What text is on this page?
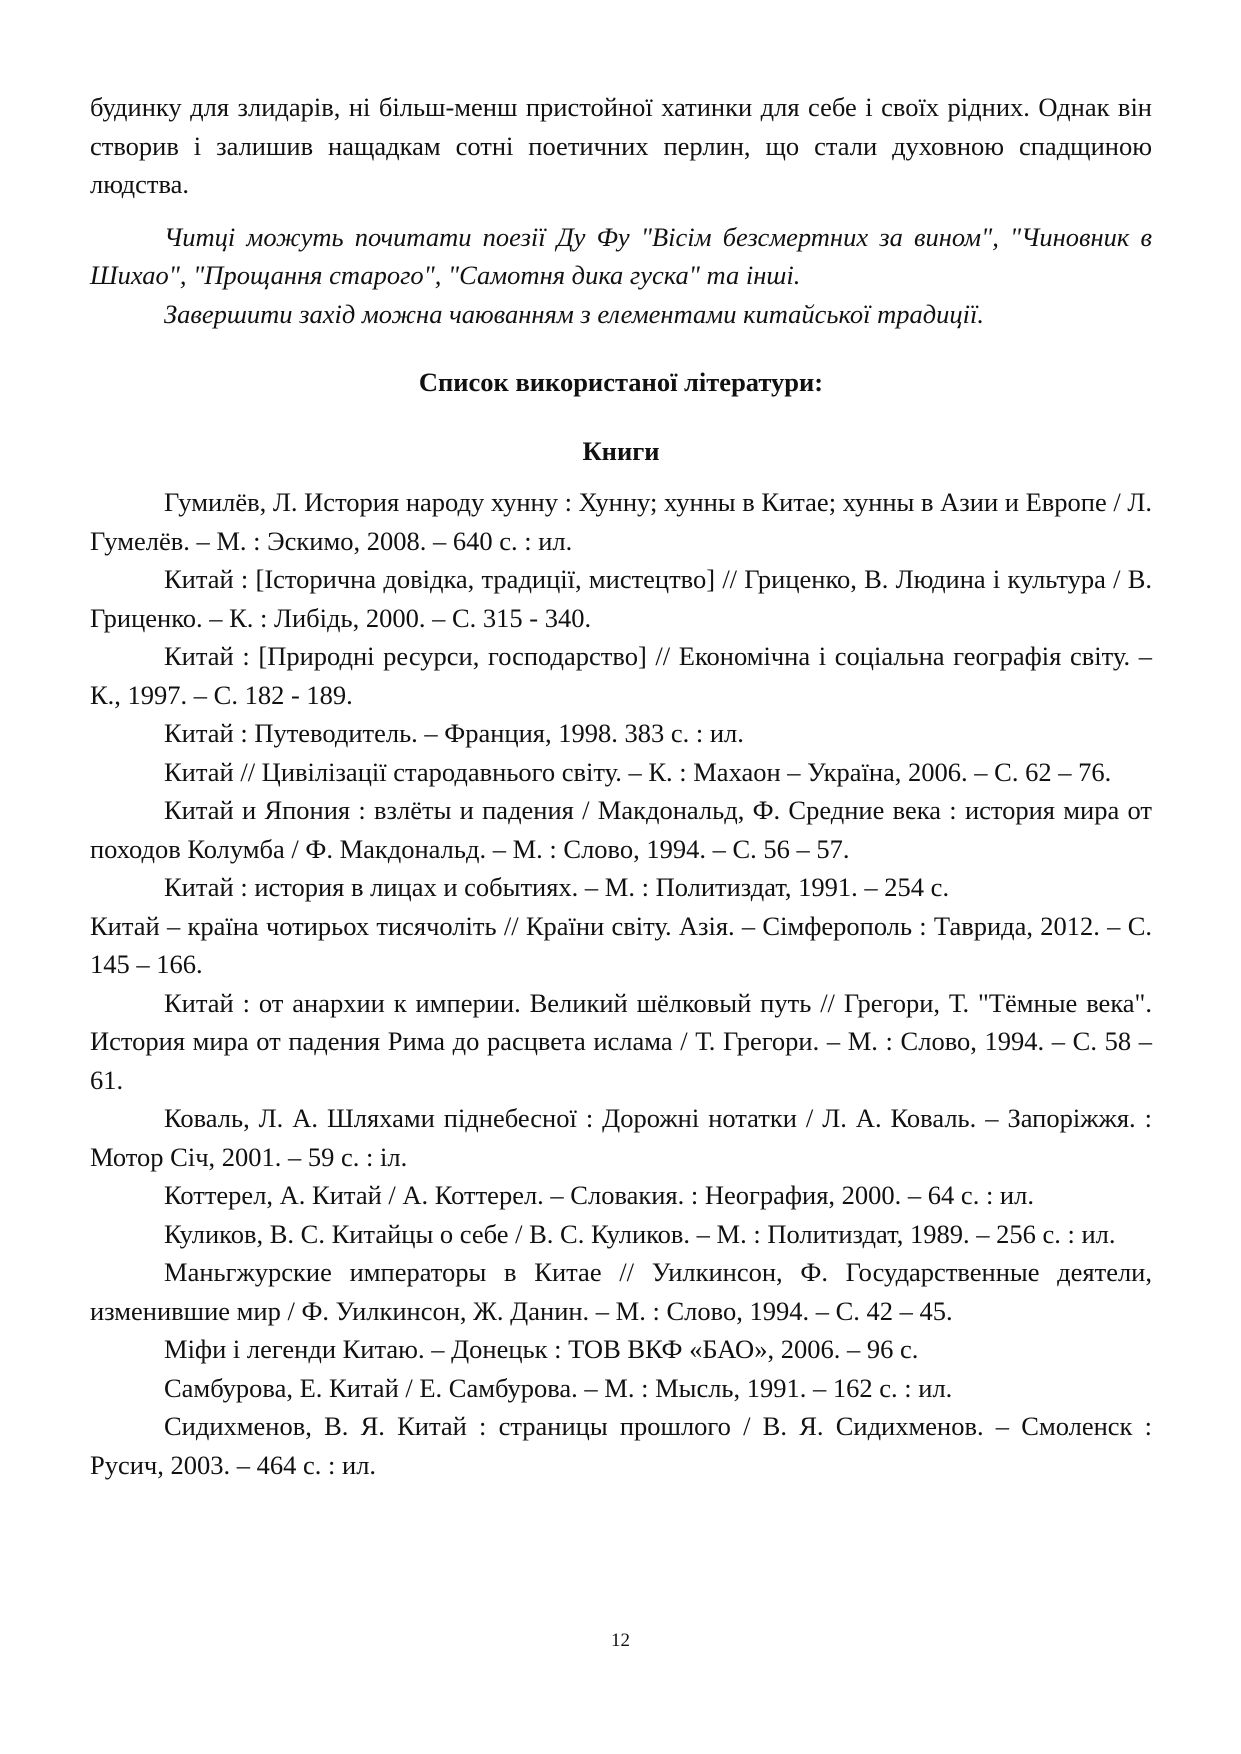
будинку для злидарів, ні більш-менш пристойної хатинки для себе і своїх рідних. Однак він створив і залишив нащадкам сотні поетичних перлин, що стали духовною спадщиною людства.

Читці можуть почитати поезії Ду Фу "Вісім безсмертних за вином", "Чиновник в Шихао", "Прощання старого", "Самотня дика гуска" та інші.

Завершити захід можна чаюванням з елементами китайської традиції.

Список використаної літератури:
Книги
Гумилёв, Л. История народу хунну : Хунну; хунны в Китае; хунны в Азии и Европе / Л. Гумелёв. – М. : Эскимо, 2008. – 640 с. : ил.
Китай : [Історична довідка, традиції, мистецтво] // Гриценко, В. Людина і культура / В. Гриценко. – К. : Либідь, 2000. – С. 315 - 340.
Китай : [Природні ресурси, господарство] // Економічна і соціальна географія світу. – К., 1997. – С. 182 - 189.
Китай : Путеводитель. – Франция, 1998. 383 с. : ил.
Китай // Цивілізації стародавнього світу. – К. : Махаон – Україна, 2006. – С. 62 – 76.
Китай и Япония : взлёты и падения / Макдональд, Ф. Средние века : история мира от походов Колумба / Ф. Макдональд. – М. : Слово, 1994. – С. 56 – 57.
Китай : история в лицах и событиях. – М. : Политиздат, 1991. – 254 с.
Китай – країна чотирьох тисячоліть // Країни світу. Азія. – Сімферополь : Таврида, 2012. – С. 145 – 166.
Китай : от анархии к империи. Великий шёлковый путь // Грегори, Т. "Тёмные века". История мира от падения Рима до расцвета ислама / Т. Грегори. – М. : Слово, 1994. – С. 58 – 61.
Коваль, Л. А. Шляхами піднебесної : Дорожні нотатки / Л. А. Коваль. – Запоріжжя. : Мотор Січ, 2001. – 59 с. : іл.
Коттерел, А. Китай / А. Коттерел. – Словакия. : Неография, 2000. – 64 с. : ил.
Куликов, В. С. Китайцы о себе / В. С. Куликов. – М. : Политиздат, 1989. – 256 с. : ил.
Маньгжурские императоры в Китае // Уилкинсон, Ф. Государственные деятели, изменившие мир / Ф. Уилкинсон, Ж. Данин. – М. : Слово, 1994. – С. 42 – 45.
Міфи і легенди Китаю. – Донецьк : ТОВ ВКФ «БАО», 2006. – 96 с.
Самбурова, Е. Китай / Е. Самбурова. – М. : Мысль, 1991. – 162 с. : ил.
Сидихменов, В. Я. Китай : страницы прошлого / В. Я. Сидихменов. – Смоленск : Русич, 2003. – 464 с. : ил.
12
